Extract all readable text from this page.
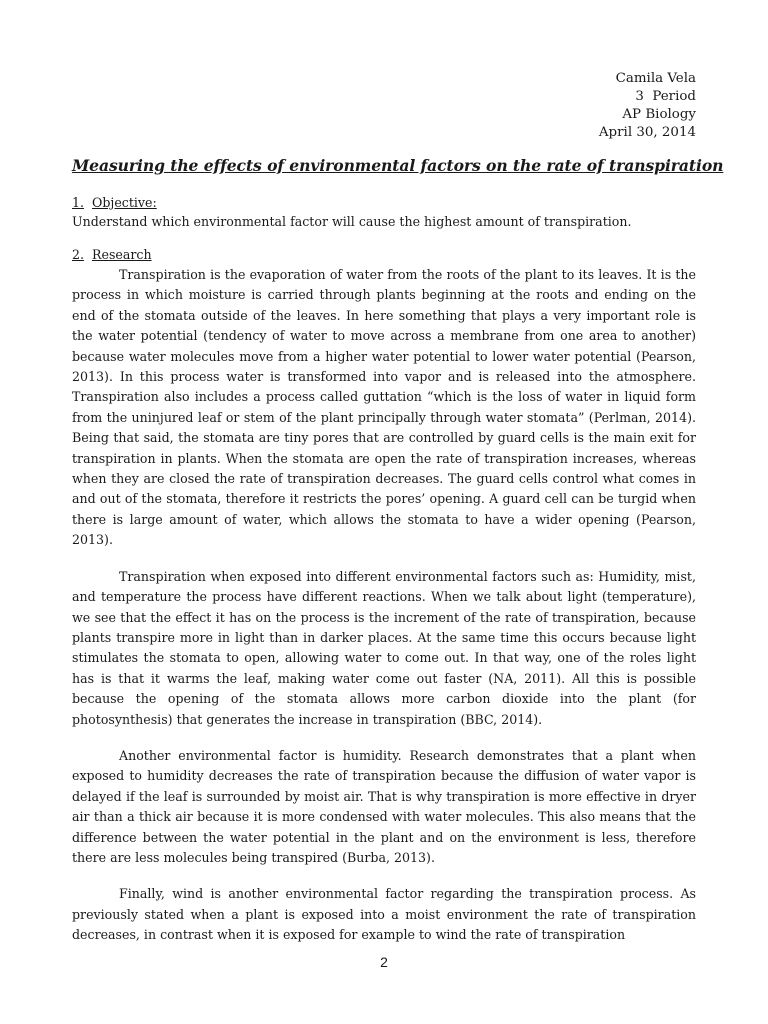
Camila Vela
3  Period
AP Biology
April 30, 2014
Measuring the effects of environmental factors on the rate of transpiration
1. Objective:
Understand which environmental factor will cause the highest amount of transpiration.
2. Research

Transpiration is the evaporation of water from the roots of the plant to its leaves. It is the process in which moisture is carried through plants beginning at the roots and ending on the end of the stomata outside of the leaves. In here something that plays a very important role is the water potential (tendency of water to move across a membrane from one area to another) because water molecules move from a higher water potential to lower water potential (Pearson, 2013). In this process water is transformed into vapor and is released into the atmosphere. Transpiration also includes a process called guttation “which is the loss of water in liquid form from the uninjured leaf or stem of the plant principally through water stomata” (Perlman, 2014). Being that said, the stomata are tiny pores that are controlled by guard cells is the main exit for transpiration in plants. When the stomata are open the rate of transpiration increases, whereas when they are closed the rate of transpiration decreases. The guard cells control what comes in and out of the stomata, therefore it restricts the pores’ opening. A guard cell can be turgid when there is large amount of water, which allows the stomata to have a wider opening (Pearson, 2013).

Transpiration when exposed into different environmental factors such as: Humidity, mist, and temperature the process have different reactions. When we talk about light (temperature), we see that the effect it has on the process is the increment of the rate of transpiration, because plants transpire more in light than in darker places. At the same time this occurs because light stimulates the stomata to open, allowing water to come out. In that way, one of the roles light has is that it warms the leaf, making water come out faster (NA, 2011). All this is possible because the opening of the stomata allows more carbon dioxide into the plant (for photosynthesis) that generates the increase in transpiration (BBC, 2014).

Another environmental factor is humidity. Research demonstrates that a plant when exposed to humidity decreases the rate of transpiration because the diffusion of water vapor is delayed if the leaf is surrounded by moist air. That is why transpiration is more effective in dryer air than a thick air because it is more condensed with water molecules. This also means that the difference between the water potential in the plant and on the environment is less, therefore there are less molecules being transpired (Burba, 2013).

Finally, wind is another environmental factor regarding the transpiration process. As previously stated when a plant is exposed into a moist environment the rate of transpiration decreases, in contrast when it is exposed for example to wind the rate of transpiration

2
